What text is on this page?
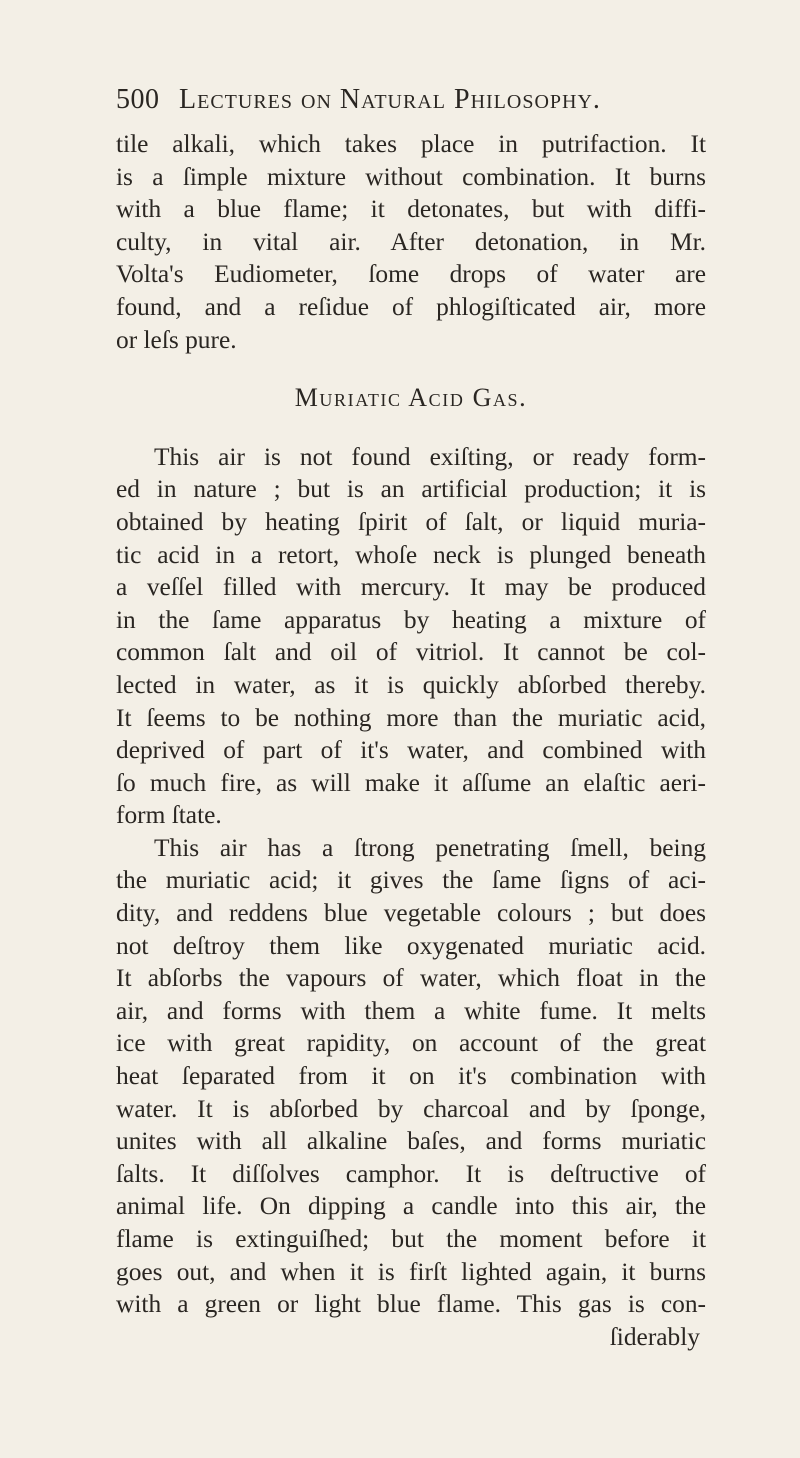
500 Lectures on Natural Philosophy.
tile alkali, which takes place in putrifaction. It
is a ſimple mixture without combination. It burns
with a blue flame; it detonates, but with diffi-
culty, in vital air. After detonation, in Mr.
Volta's Eudiometer, ſome drops of water are
found, and a reſidue of phlogiſticated air, more
or leſs pure.
Muriatic Acid Gas.
This air is not found exiſting, or ready form-
ed in nature ; but is an artificial production; it is
obtained by heating ſpirit of ſalt, or liquid muria-
tic acid in a retort, whoſe neck is plunged beneath
a veſſel filled with mercury. It may be produced
in the ſame apparatus by heating a mixture of
common ſalt and oil of vitriol. It cannot be col-
lected in water, as it is quickly abſorbed thereby.
It ſeems to be nothing more than the muriatic acid,
deprived of part of it's water, and combined with
ſo much fire, as will make it aſſume an elaſtic aeri-
form ſtate.
This air has a ſtrong penetrating ſmell, being
the muriatic acid; it gives the ſame ſigns of aci-
dity, and reddens blue vegetable colours ; but does
not deſtroy them like oxygenated muriatic acid.
It abſorbs the vapours of water, which float in the
air, and forms with them a white fume. It melts
ice with great rapidity, on account of the great
heat ſeparated from it on it's combination with
water. It is abſorbed by charcoal and by ſponge,
unites with all alkaline baſes, and forms muriatic
ſalts. It diſſolves camphor. It is deſtructive of
animal life. On dipping a candle into this air, the
flame is extinguiſhed; but the moment before it
goes out, and when it is firſt lighted again, it burns
with a green or light blue flame. This gas is con-
ſiderably
